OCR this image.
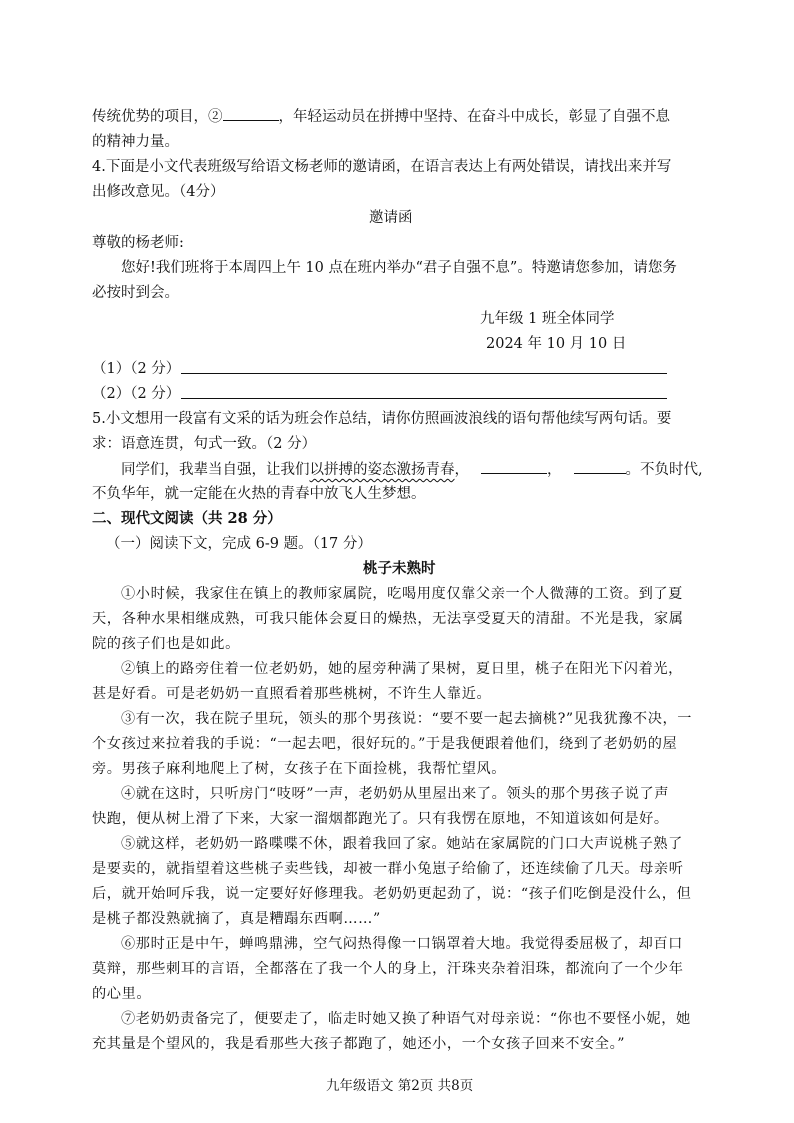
传统优势的项目，②	，年轻运动员在拼搏中坚持、在奋斗中成长，彰显了自强不息
的精神力量。
4.下面是小文代表班级写给语文杨老师的邀请函，在语言表达上有两处错误，请找出来并写
出修改意见。（4分）
邀请函
尊敬的杨老师:
您好!我们班将于本周四上午 10 点在班内举办“君子自强不息”。特邀请您参加，请您务
必按时到会。
九年级 1 班全体同学
2024 年 10 月 10 日
（1）（2 分）
（2）（2 分）
5.小文想用一段富有文采的话为班会作总结，请你仿照画波浪线的语句帮他续写两句话。要
求：语意连贯，句式一致。（2 分）
同学们，我辈当自强，让我们以拼搏的姿态激扬青春，	，	。不负时代,
不负华年，就一定能在火热的青春中放飞人生梦想。
二、现代文阅读（共 28 分）
（一）阅读下文，完成 6-9 题。（17 分）
桃子未熟时
①小时候，我家住在镇上的教师家属院，吃喝用度仅靠父亲一个人微薄的工资。到了夏
天，各种水果相继成熟，可我只能体会夏日的燥热，无法享受夏天的清甜。不光是我，家属
院的孩子们也是如此。
②镇上的路旁住着一位老奶奶，她的屋旁种满了果树，夏日里，桃子在阳光下闪着光，
甚是好看。可是老奶奶一直照看着那些桃树，不许生人靠近。
③有一次，我在院子里玩，领头的那个男孩说：“要不要一起去摘桃?”见我犹豫不决，一
个女孩过来拉着我的手说：“一起去吧，很好玩的。”于是我便跟着他们，绕到了老奶奶的屋
旁。男孩子麻利地爬上了树，女孩子在下面捡桃，我帮忙望风。
④就在这时，只听房门“吱呀”一声，老奶奶从里屋出来了。领头的那个男孩子说了声
快跑，便从树上滑了下来，大家一溜烟都跑光了。只有我愣在原地，不知道该如何是好。
⑤就这样，老奶奶一路喋喋不休，跟着我回了家。她站在家属院的门口大声说桃子熟了
是要卖的，就指望着这些桃子卖些钱，却被一群小兔崽子给偷了，还连续偷了几天。母亲听
后，就开始呵斥我，说一定要好好修理我。老奶奶更起劲了，说：“孩子们吃倒是没什么，但
是桃子都没熟就摘了，真是糟蹋东西啊……”
⑥那时正是中午，蝉鸣鼎沸，空气闷热得像一口锅罩着大地。我觉得委屈极了，却百口
莫辩，那些刺耳的言语，全都落在了我一个人的身上，汗珠夹杂着泪珠，都流向了一个少年
的心里。
⑦老奶奶责备完了，便要走了，临走时她又换了种语气对母亲说：“你也不要怪小妮，她
充其量是个望风的，我是看那些大孩子都跑了，她还小，一个女孩子回来不安全。”
九年级语文 第2页 共8页
